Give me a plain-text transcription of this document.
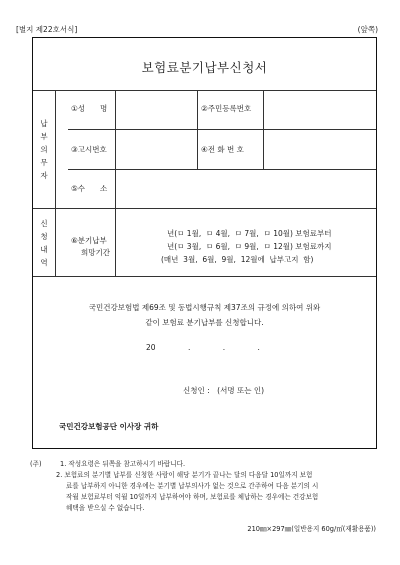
[별지 제22호서식]	(앞쪽)
보험료분기납부신청서
납
부
의
무
자
신
청
내
역
①성　　명	②주민등록번호
③고시번호	④전 화 번 호
⑤수　　소
⑥분기납부
희망기간
년(ㅁ 1월,  ㅁ 4월,  ㅁ 7월,  ㅁ 10월) 보험료부터
년(ㅁ 3월,  ㅁ 6월,  ㅁ 9월,  ㅁ 12월) 보험료까지
(매년  3월,  6월,  9월,  12월에  납부고지  함)
국민건강보험법 제69조 및 동법시행규칙 제37조의 규정에 의하여 위와
같이 보험료 분기납부를 신청합니다.
20	.	.	.
신청인 :　(서명 또는 인)
국민건강보험공단 이사장 귀하
(주)	1. 작성요령은 뒤쪽을 참고하시기 바랍니다.
2. 보험료의 분기별 납부를 신청한 사람이 해당 분기가 끝나는 달의 다음달 10일까지 보험
료를 납부하지 아니한 경우에는 분기별 납부의사가 없는 것으로 간주하여 다음 분기의 시
작월 보험료부터 익월 10일까지 납부하여야 하며, 보험료를 체납하는 경우에는 건강보험
혜택을 받으실 수 없습니다.
210㎜×297㎜(일반용지 60g/㎡(재활용품))
